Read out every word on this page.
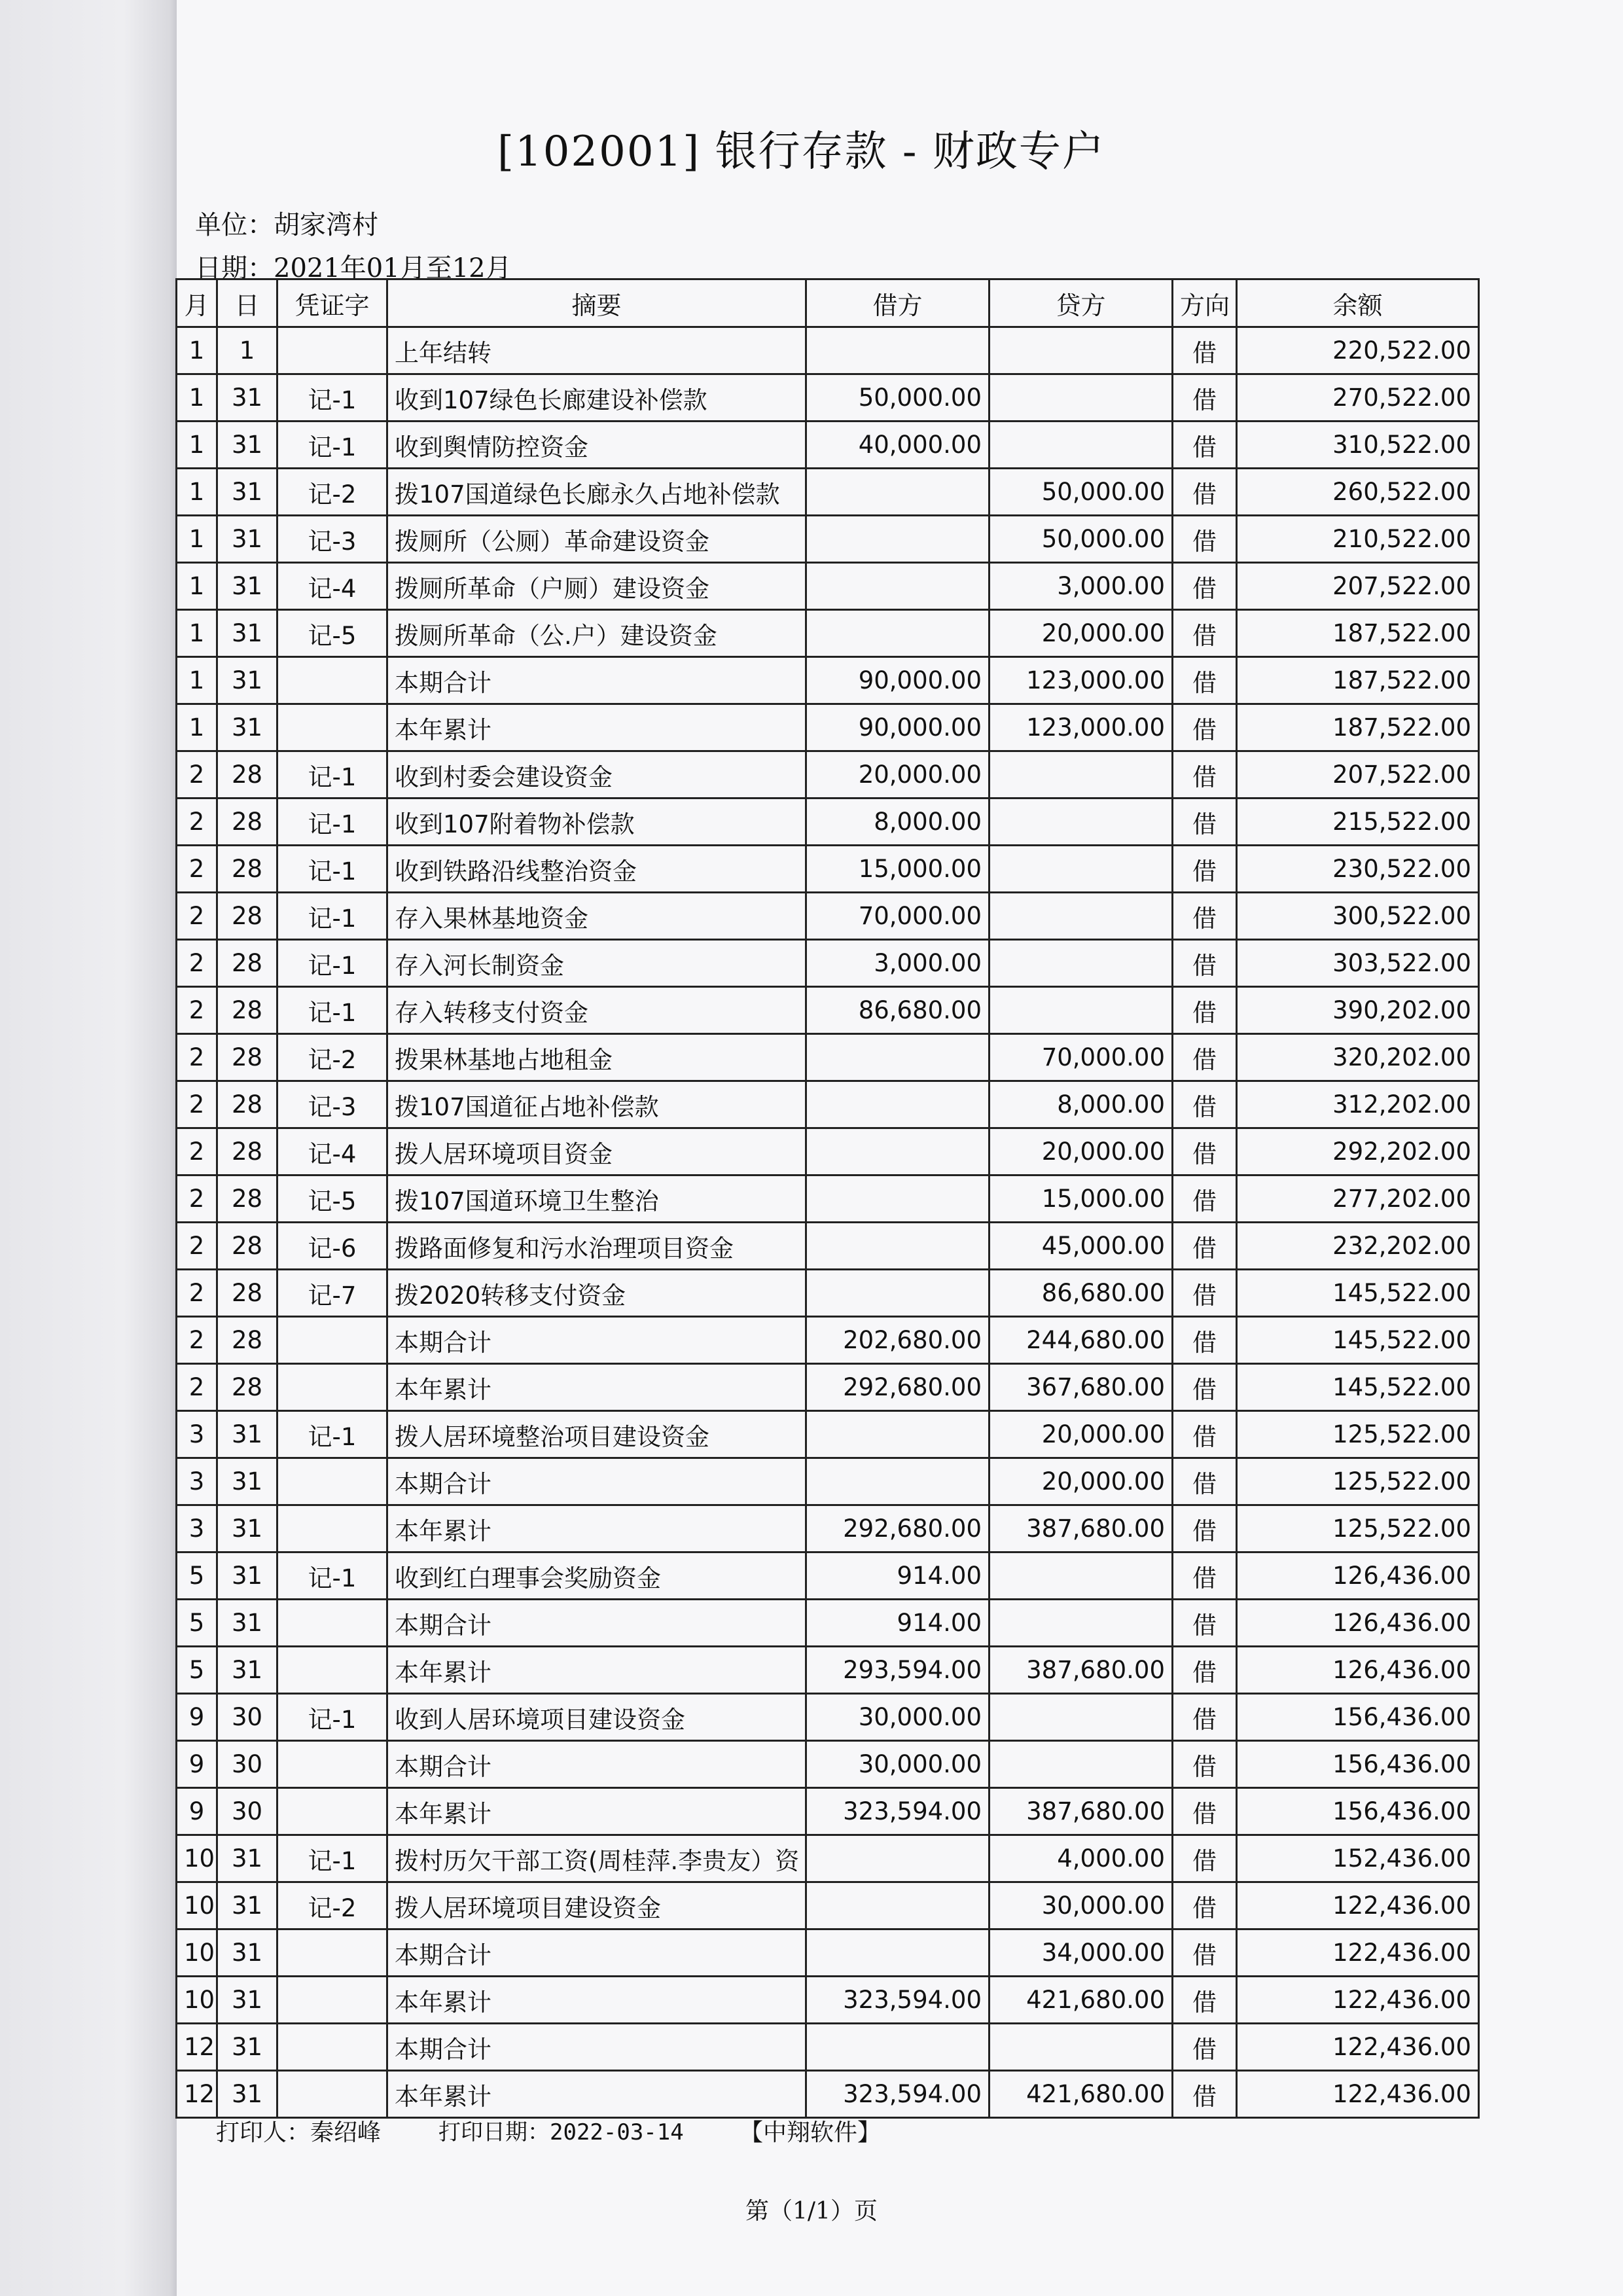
[102001] 银行存款 - 财政专户
单位：胡家湾村
日期：2021年01月至12月
月	日	凭证字	摘要	借方	贷方	方向	余额
1	1		上年结转			借	220,522.00
1	31	记-1	收到107绿色长廊建设补偿款	50,000.00		借	270,522.00
1	31	记-1	收到舆情防控资金	40,000.00		借	310,522.00
1	31	记-2	拨107国道绿色长廊永久占地补偿款		50,000.00	借	260,522.00
1	31	记-3	拨厕所（公厕）革命建设资金		50,000.00	借	210,522.00
1	31	记-4	拨厕所革命（户厕）建设资金		3,000.00	借	207,522.00
1	31	记-5	拨厕所革命（公.户）建设资金		20,000.00	借	187,522.00
1	31		本期合计	90,000.00	123,000.00	借	187,522.00
1	31		本年累计	90,000.00	123,000.00	借	187,522.00
2	28	记-1	收到村委会建设资金	20,000.00		借	207,522.00
2	28	记-1	收到107附着物补偿款	8,000.00		借	215,522.00
2	28	记-1	收到铁路沿线整治资金	15,000.00		借	230,522.00
2	28	记-1	存入果林基地资金	70,000.00		借	300,522.00
2	28	记-1	存入河长制资金	3,000.00		借	303,522.00
2	28	记-1	存入转移支付资金	86,680.00		借	390,202.00
2	28	记-2	拨果林基地占地租金		70,000.00	借	320,202.00
2	28	记-3	拨107国道征占地补偿款		8,000.00	借	312,202.00
2	28	记-4	拨人居环境项目资金		20,000.00	借	292,202.00
2	28	记-5	拨107国道环境卫生整治		15,000.00	借	277,202.00
2	28	记-6	拨路面修复和污水治理项目资金		45,000.00	借	232,202.00
2	28	记-7	拨2020转移支付资金		86,680.00	借	145,522.00
2	28		本期合计	202,680.00	244,680.00	借	145,522.00
2	28		本年累计	292,680.00	367,680.00	借	145,522.00
3	31	记-1	拨人居环境整治项目建设资金		20,000.00	借	125,522.00
3	31		本期合计		20,000.00	借	125,522.00
3	31		本年累计	292,680.00	387,680.00	借	125,522.00
5	31	记-1	收到红白理事会奖励资金	914.00		借	126,436.00
5	31		本期合计	914.00		借	126,436.00
5	31		本年累计	293,594.00	387,680.00	借	126,436.00
9	30	记-1	收到人居环境项目建设资金	30,000.00		借	156,436.00
9	30		本期合计	30,000.00		借	156,436.00
9	30		本年累计	323,594.00	387,680.00	借	156,436.00
10	31	记-1	拨村历欠干部工资(周桂萍.李贵友）资		4,000.00	借	152,436.00
10	31	记-2	拨人居环境项目建设资金		30,000.00	借	122,436.00
10	31		本期合计		34,000.00	借	122,436.00
10	31		本年累计	323,594.00	421,680.00	借	122,436.00
12	31		本期合计			借	122,436.00
12	31		本年累计	323,594.00	421,680.00	借	122,436.00
打印人：秦绍峰	打印日期：2022-03-14 【中翔软件】
第（1/1）页
